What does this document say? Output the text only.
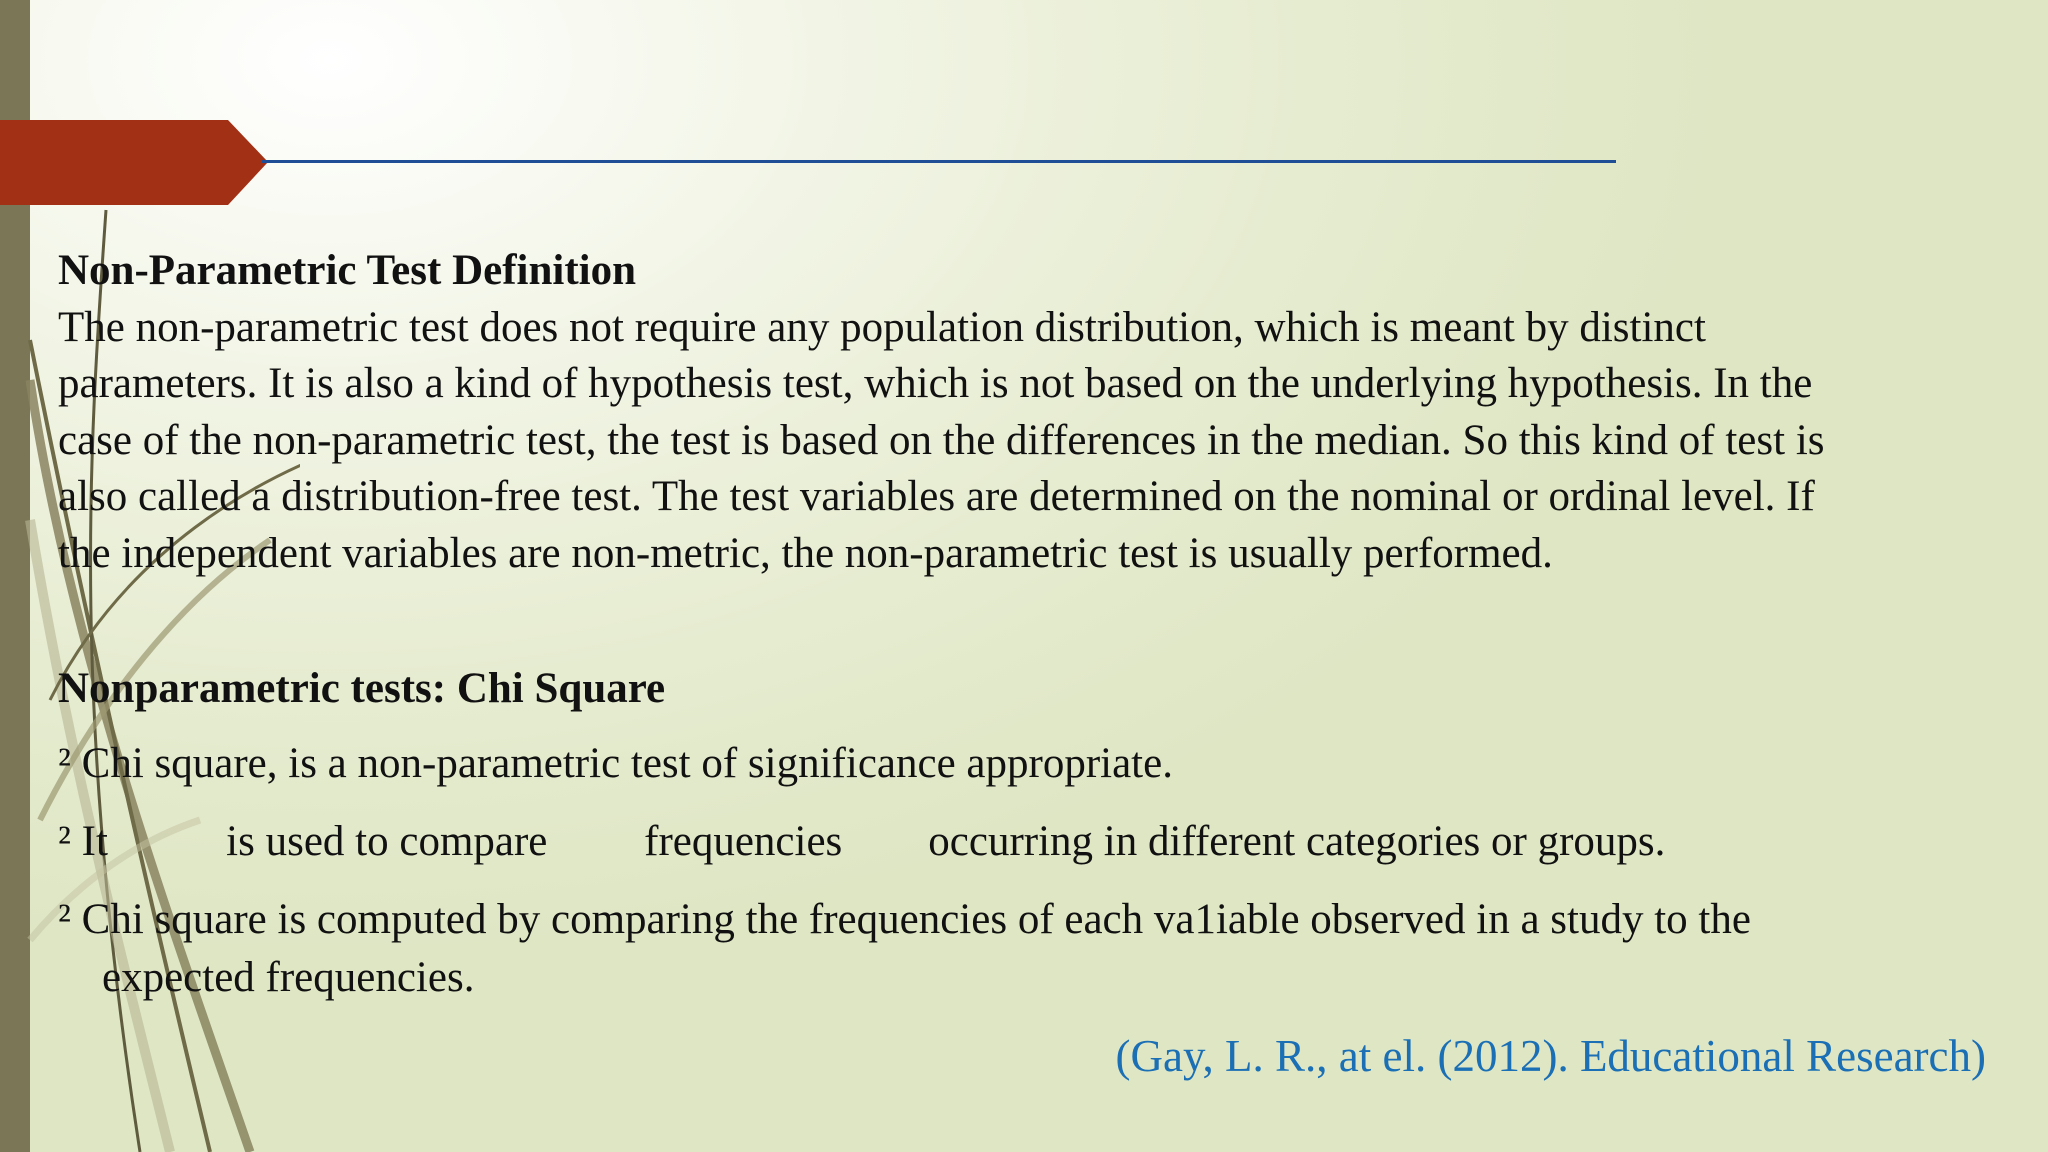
Non-Parametric Test Definition

The non-parametric test does not require any population distribution, which is meant by distinct

parameters. It is also a kind of hypothesis test, which is not based on the underlying hypothesis. In the

case of the non-parametric test, the test is based on the differences in the median. So this kind of test is

also called a distribution-free test. The test variables are determined on the nominal or ordinal level. If

the independent variables are non-metric, the non-parametric test is usually performed.

Nonparametric tests: Chi Square

² Chi square, is a non-parametric test of significance appropriate.

² It           is used to compare         frequencies        occurring in different categories or groups.

² Chi square is computed by comparing the frequencies of each va1iable observed in a study to the

expected frequencies.

(Gay, L. R., at el. (2012). Educational Research)
